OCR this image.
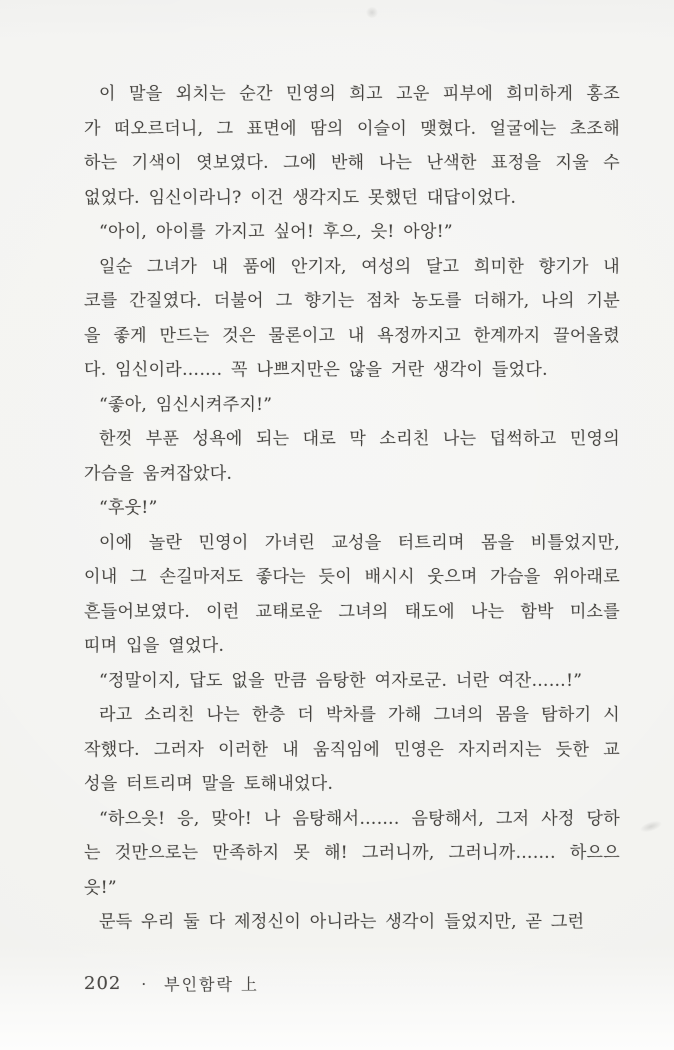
이 말을 외치는 순간 민영의 희고 고운 피부에 희미하게 홍조
가 떠오르더니, 그 표면에 땀의 이슬이 맺혔다. 얼굴에는 초조해
하는 기색이 엿보였다. 그에 반해 나는 난색한 표정을 지울 수
없었다. 임신이라니? 이건 생각지도 못했던 대답이었다.
“아이, 아이를 가지고 싶어! 후으, 읏! 아앙!”
일순 그녀가 내 품에 안기자, 여성의 달고 희미한 향기가 내
코를 간질였다. 더불어 그 향기는 점차 농도를 더해가, 나의 기분
을 좋게 만드는 것은 물론이고 내 욕정까지고 한계까지 끌어올렸
다. 임신이라……. 꼭 나쁘지만은 않을 거란 생각이 들었다.
“좋아, 임신시켜주지!”
한껏 부푼 성욕에 되는 대로 막 소리친 나는 덥썩하고 민영의
가슴을 움켜잡았다.
“후웃!”
이에 놀란 민영이 가녀린 교성을 터트리며 몸을 비틀었지만,
이내 그 손길마저도 좋다는 듯이 배시시 웃으며 가슴을 위아래로
흔들어보였다. 이런 교태로운 그녀의 태도에 나는 함박 미소를
띠며 입을 열었다.
“정말이지, 답도 없을 만큼 음탕한 여자로군. 너란 여잔……!”
라고 소리친 나는 한층 더 박차를 가해 그녀의 몸을 탐하기 시
작했다. 그러자 이러한 내 움직임에 민영은 자지러지는 듯한 교
성을 터트리며 말을 토해내었다.
“하으읏! 응, 맞아! 나 음탕해서……. 음탕해서, 그저 사정 당하
는 것만으로는 만족하지 못 해! 그러니까, 그러니까……. 하으으
읏!”
문득 우리 둘 다 제정신이 아니라는 생각이 들었지만, 곧 그런
202 · 부인함락 上
